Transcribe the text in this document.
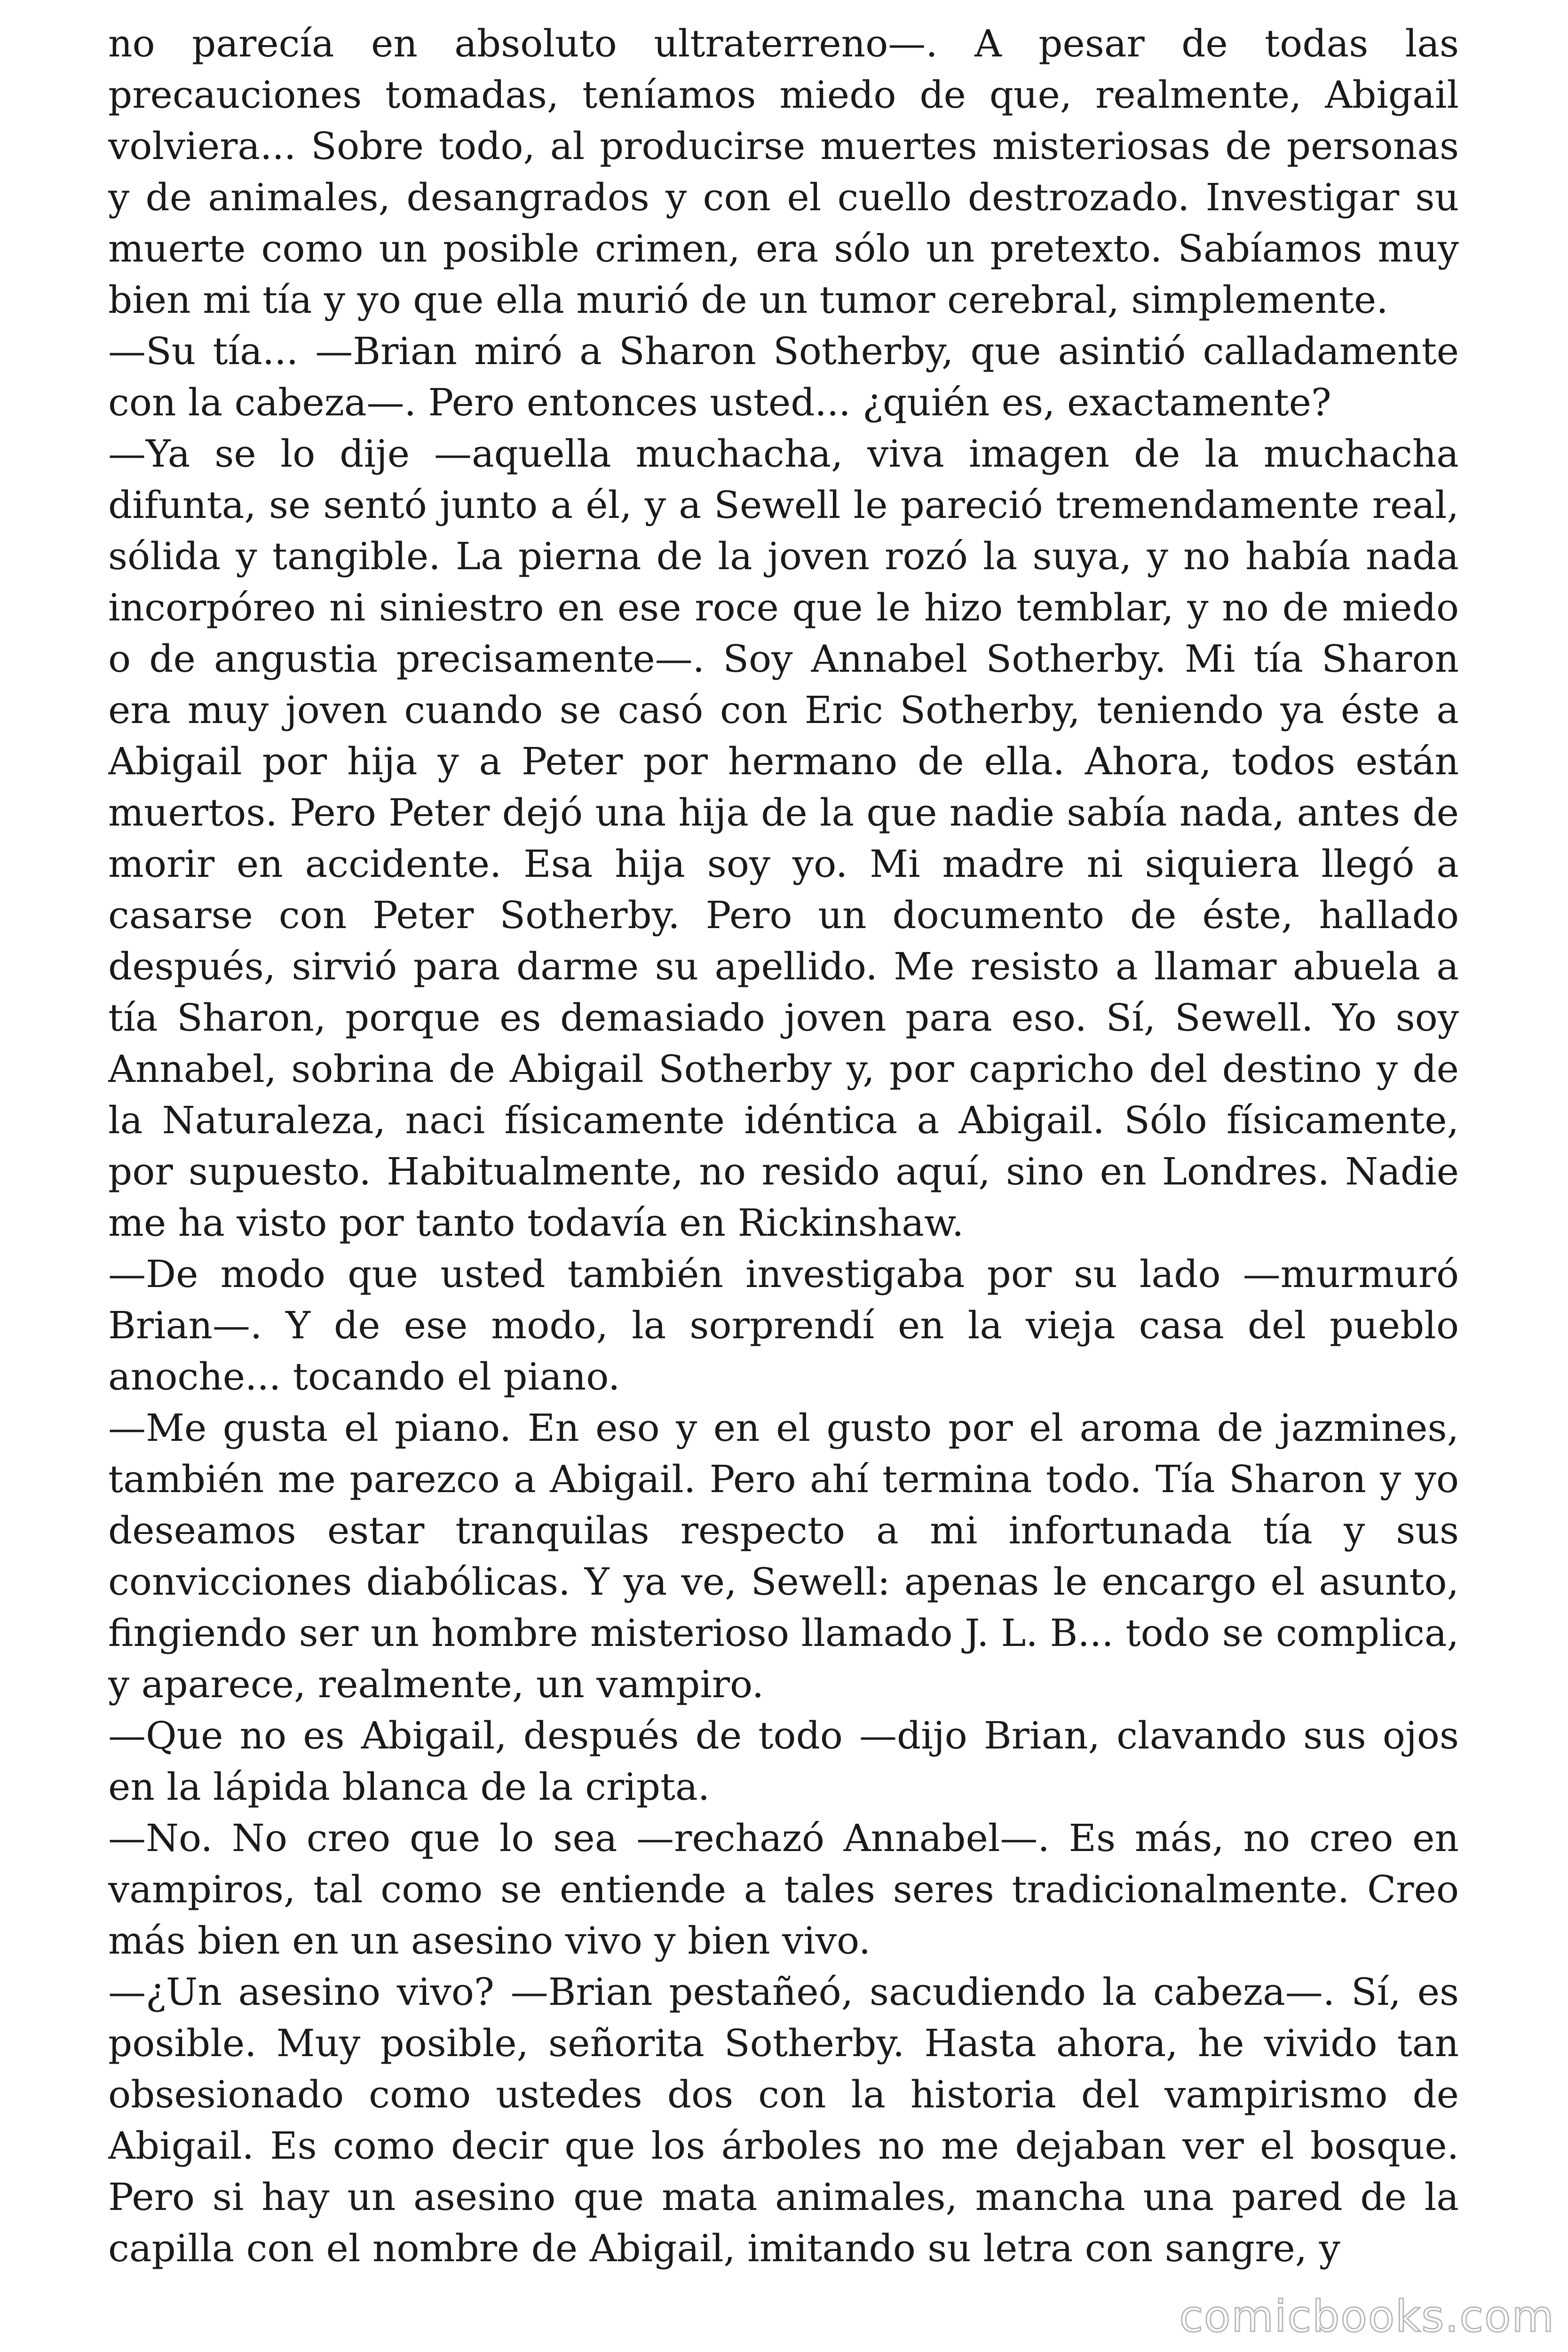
no parecía en absoluto ultraterreno—. A pesar de todas las precauciones tomadas, teníamos miedo de que, realmente, Abigail volviera... Sobre todo, al producirse muertes misteriosas de personas y de animales, desangrados y con el cuello destrozado. Investigar su muerte como un posible crimen, era sólo un pretexto. Sabíamos muy bien mi tía y yo que ella murió de un tumor cerebral, simplemente.

—Su tía... —Brian miró a Sharon Sotherby, que asintió calladamente con la cabeza—. Pero entonces usted... ¿quién es, exactamente?

—Ya se lo dije —aquella muchacha, viva imagen de la muchacha difunta, se sentó junto a él, y a Sewell le pareció tremendamente real, sólida y tangible. La pierna de la joven rozó la suya, y no había nada incorpóreo ni siniestro en ese roce que le hizo temblar, y no de miedo o de angustia precisamente—. Soy Annabel Sotherby. Mi tía Sharon era muy joven cuando se casó con Eric Sotherby, teniendo ya éste a Abigail por hija y a Peter por hermano de ella. Ahora, todos están muertos. Pero Peter dejó una hija de la que nadie sabía nada, antes de morir en accidente. Esa hija soy yo. Mi madre ni siquiera llegó a casarse con Peter Sotherby. Pero un documento de éste, hallado después, sirvió para darme su apellido. Me resisto a llamar abuela a tía Sharon, porque es demasiado joven para eso. Sí, Sewell. Yo soy Annabel, sobrina de Abigail Sotherby y, por capricho del destino y de la Naturaleza, naci físicamente idéntica a Abigail. Sólo físicamente, por supuesto. Habitualmente, no resido aquí, sino en Londres. Nadie me ha visto por tanto todavía en Rickinshaw.

—De modo que usted también investigaba por su lado —murmuró Brian—. Y de ese modo, la sorprendí en la vieja casa del pueblo anoche... tocando el piano.

—Me gusta el piano. En eso y en el gusto por el aroma de jazmines, también me parezco a Abigail. Pero ahí termina todo. Tía Sharon y yo deseamos estar tranquilas respecto a mi infortunada tía y sus convicciones diabólicas. Y ya ve, Sewell: apenas le encargo el asunto, fingiendo ser un hombre misterioso llamado J. L. B... todo se complica, y aparece, realmente, un vampiro.

—Que no es Abigail, después de todo —dijo Brian, clavando sus ojos en la lápida blanca de la cripta.

—No. No creo que lo sea —rechazó Annabel—. Es más, no creo en vampiros, tal como se entiende a tales seres tradicionalmente. Creo más bien en un asesino vivo y bien vivo.

—¿Un asesino vivo? —Brian pestañeó, sacudiendo la cabeza—. Sí, es posible. Muy posible, señorita Sotherby. Hasta ahora, he vivido tan obsesionado como ustedes dos con la historia del vampirismo de Abigail. Es como decir que los árboles no me dejaban ver el bosque. Pero si hay un asesino que mata animales, mancha una pared de la capilla con el nombre de Abigail, imitando su letra con sangre, y

comicbooks.com
